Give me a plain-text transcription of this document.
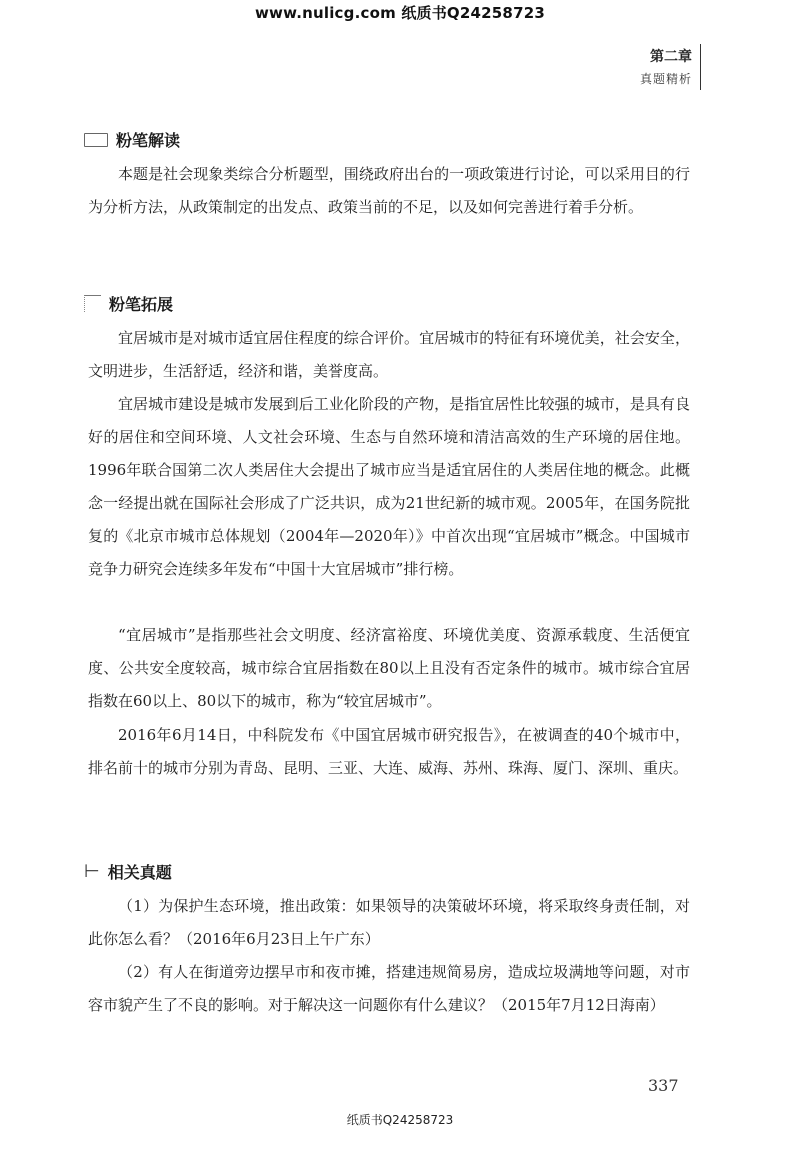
www.nulicg.com 纸质书Q24258723
第二章
真题精析
粉笔解读
本题是社会现象类综合分析题型，围绕政府出台的一项政策进行讨论，可以采用目的行为分析方法，从政策制定的出发点、政策当前的不足，以及如何完善进行着手分析。
粉笔拓展
宜居城市是对城市适宜居住程度的综合评价。宜居城市的特征有环境优美，社会安全，文明进步，生活舒适，经济和谐，美誉度高。
宜居城市建设是城市发展到后工业化阶段的产物，是指宜居性比较强的城市，是具有良好的居住和空间环境、人文社会环境、生态与自然环境和清洁高效的生产环境的居住地。1996年联合国第二次人类居住大会提出了城市应当是适宜居住的人类居住地的概念。此概念一经提出就在国际社会形成了广泛共识，成为21世纪新的城市观。2005年，在国务院批复的《北京市城市总体规划（2004年—2020年）》中首次出现“宜居城市”概念。中国城市竞争力研究会连续多年发布“中国十大宜居城市”排行榜。
“宜居城市”是指那些社会文明度、经济富裕度、环境优美度、资源承载度、生活便宜度、公共安全度较高，城市综合宜居指数在80以上且没有否定条件的城市。城市综合宜居指数在60以上、80以下的城市，称为“较宜居城市”。
2016年6月14日，中科院发布《中国宜居城市研究报告》，在被调查的40个城市中，排名前十的城市分别为青岛、昆明、三亚、大连、威海、苏州、珠海、厦门、深圳、重庆。
⊢ 相关真题
（1）为保护生态环境，推出政策：如果领导的决策破坏环境，将采取终身责任制，对此你怎么看？（2016年6月23日上午广东）
（2）有人在街道旁边摆早市和夜市摊，搭建违规简易房，造成垃圾满地等问题，对市容市貌产生了不良的影响。对于解决这一问题你有什么建议？（2015年7月12日海南）
337
纸质书Q24258723
